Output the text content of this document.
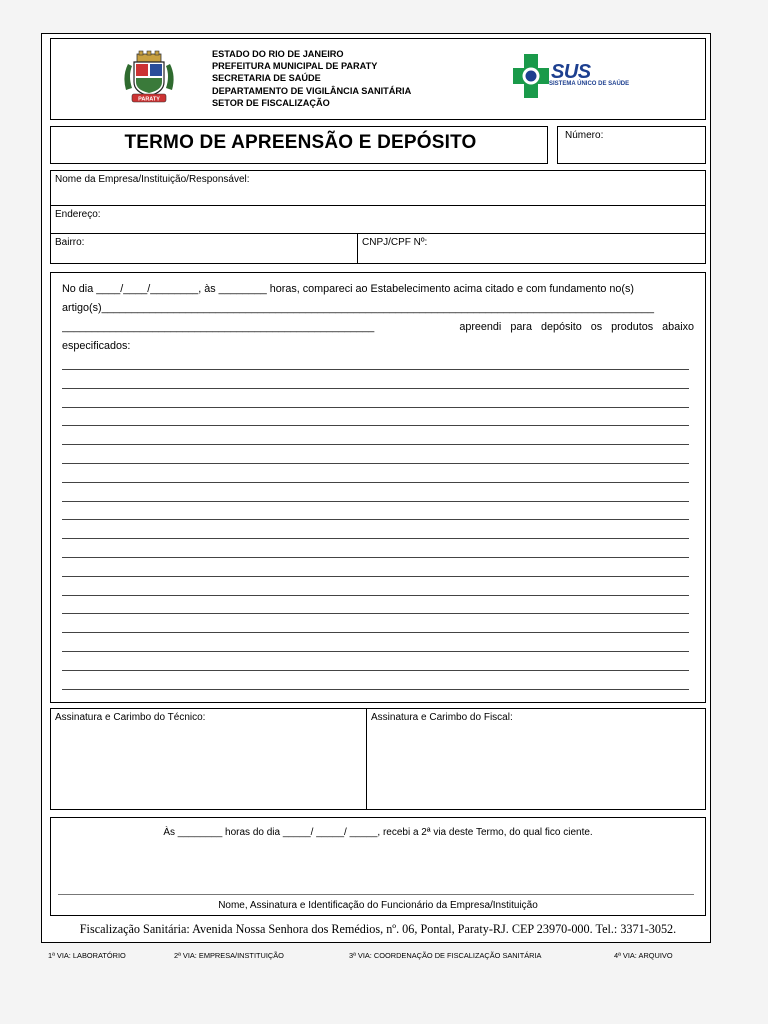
PARATY
ESTADO DO RIO DE JANEIRO
PREFEITURA MUNICIPAL DE PARATY
SECRETARIA DE SAÚDE
DEPARTAMENTO DE VIGILÂNCIA SANITÁRIA
SETOR DE FISCALIZAÇÃO
SUS
SISTEMA ÚNICO DE SAÚDE
TERMO DE APREENSÃO E DEPÓSITO	Número:
Nome da Empresa/Instituição/Responsável:
Endereço:
Bairro:	CNPJ/CPF Nº:
No dia ____/____/________, às ________ horas, compareci ao Estabelecimento acima citado e com fundamento no(s)
artigo(s)____________________________________________________________________________________________
____________________________________________________	apreendi   para   depósito   os   produtos   abaixo
especificados:
Assinatura e Carimbo do Técnico:	Assinatura e Carimbo do Fiscal:
Às ________ horas do dia _____/ _____/ _____, recebi a 2ª via deste Termo, do qual fico ciente.
Nome, Assinatura e Identificação do Funcionário da Empresa/Instituição
Fiscalização Sanitária: Avenida Nossa Senhora dos Remédios, nº. 06, Pontal, Paraty-RJ. CEP 23970-000. Tel.: 3371-3052.
1ª VIA: LABORATÓRIO	2ª VIA: EMPRESA/INSTITUIÇÃO	3ª VIA: COORDENAÇÃO DE FISCALIZAÇÃO SANITÁRIA	4ª VIA: ARQUIVO
